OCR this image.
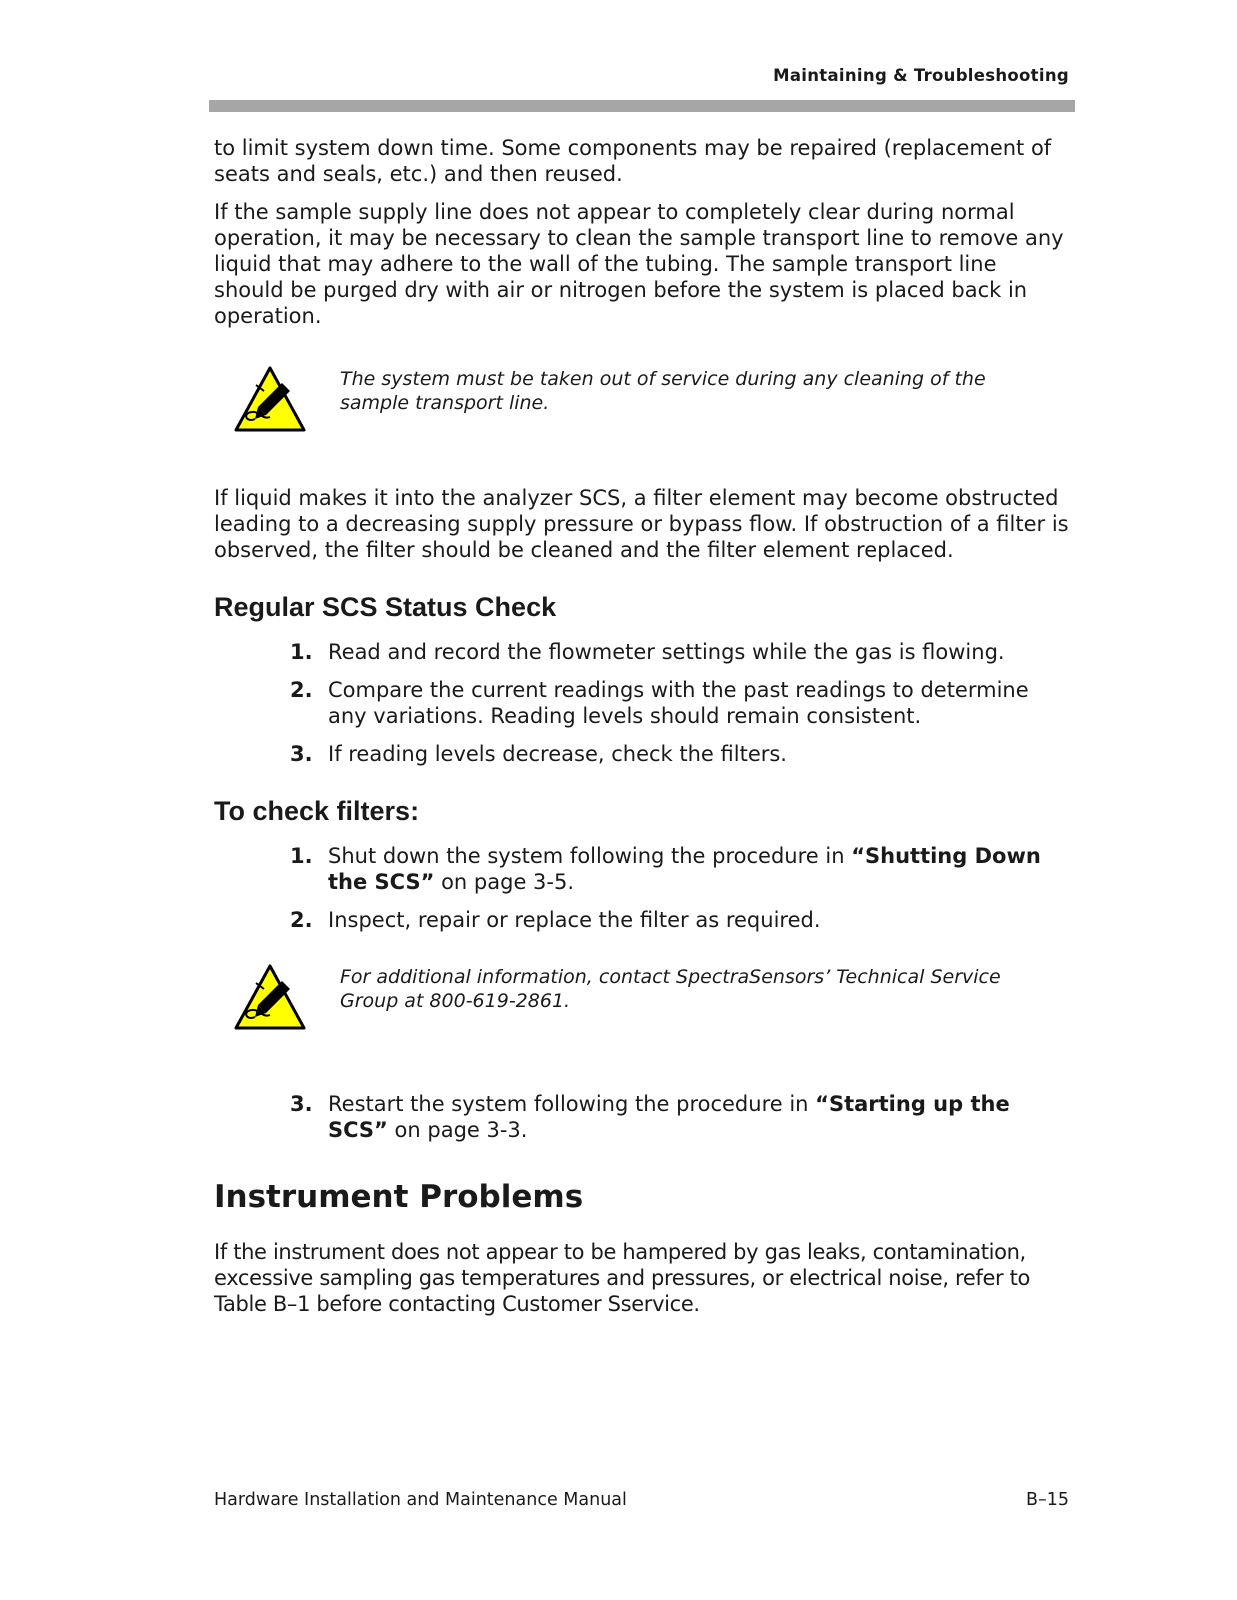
Maintaining & Troubleshooting

to limit system down time. Some components may be repaired (replacement of seats and seals, etc.) and then reused.

If the sample supply line does not appear to completely clear during normal operation, it may be necessary to clean the sample transport line to remove any liquid that may adhere to the wall of the tubing. The sample transport line should be purged dry with air or nitrogen before the system is placed back in operation.

The system must be taken out of service during any cleaning of the sample transport line.

If liquid makes it into the analyzer SCS, a filter element may become obstructed leading to a decreasing supply pressure or bypass flow. If obstruction of a filter is observed, the filter should be cleaned and the filter element replaced.

Regular SCS Status Check
1. Read and record the flowmeter settings while the gas is flowing.
2. Compare the current readings with the past readings to determine any variations. Reading levels should remain consistent.
3. If reading levels decrease, check the filters.
To check filters:
1. Shut down the system following the procedure in “Shutting Down the SCS” on page 3-5.
2. Inspect, repair or replace the filter as required.
For additional information, contact SpectraSensors’ Technical Service Group at 800-619-2861.
3. Restart the system following the procedure in “Starting up the SCS” on page 3-3.
Instrument Problems

If the instrument does not appear to be hampered by gas leaks, contamination, excessive sampling gas temperatures and pressures, or electrical noise, refer to Table B–1 before contacting Customer Sservice.

Hardware Installation and Maintenance Manual	B–15
